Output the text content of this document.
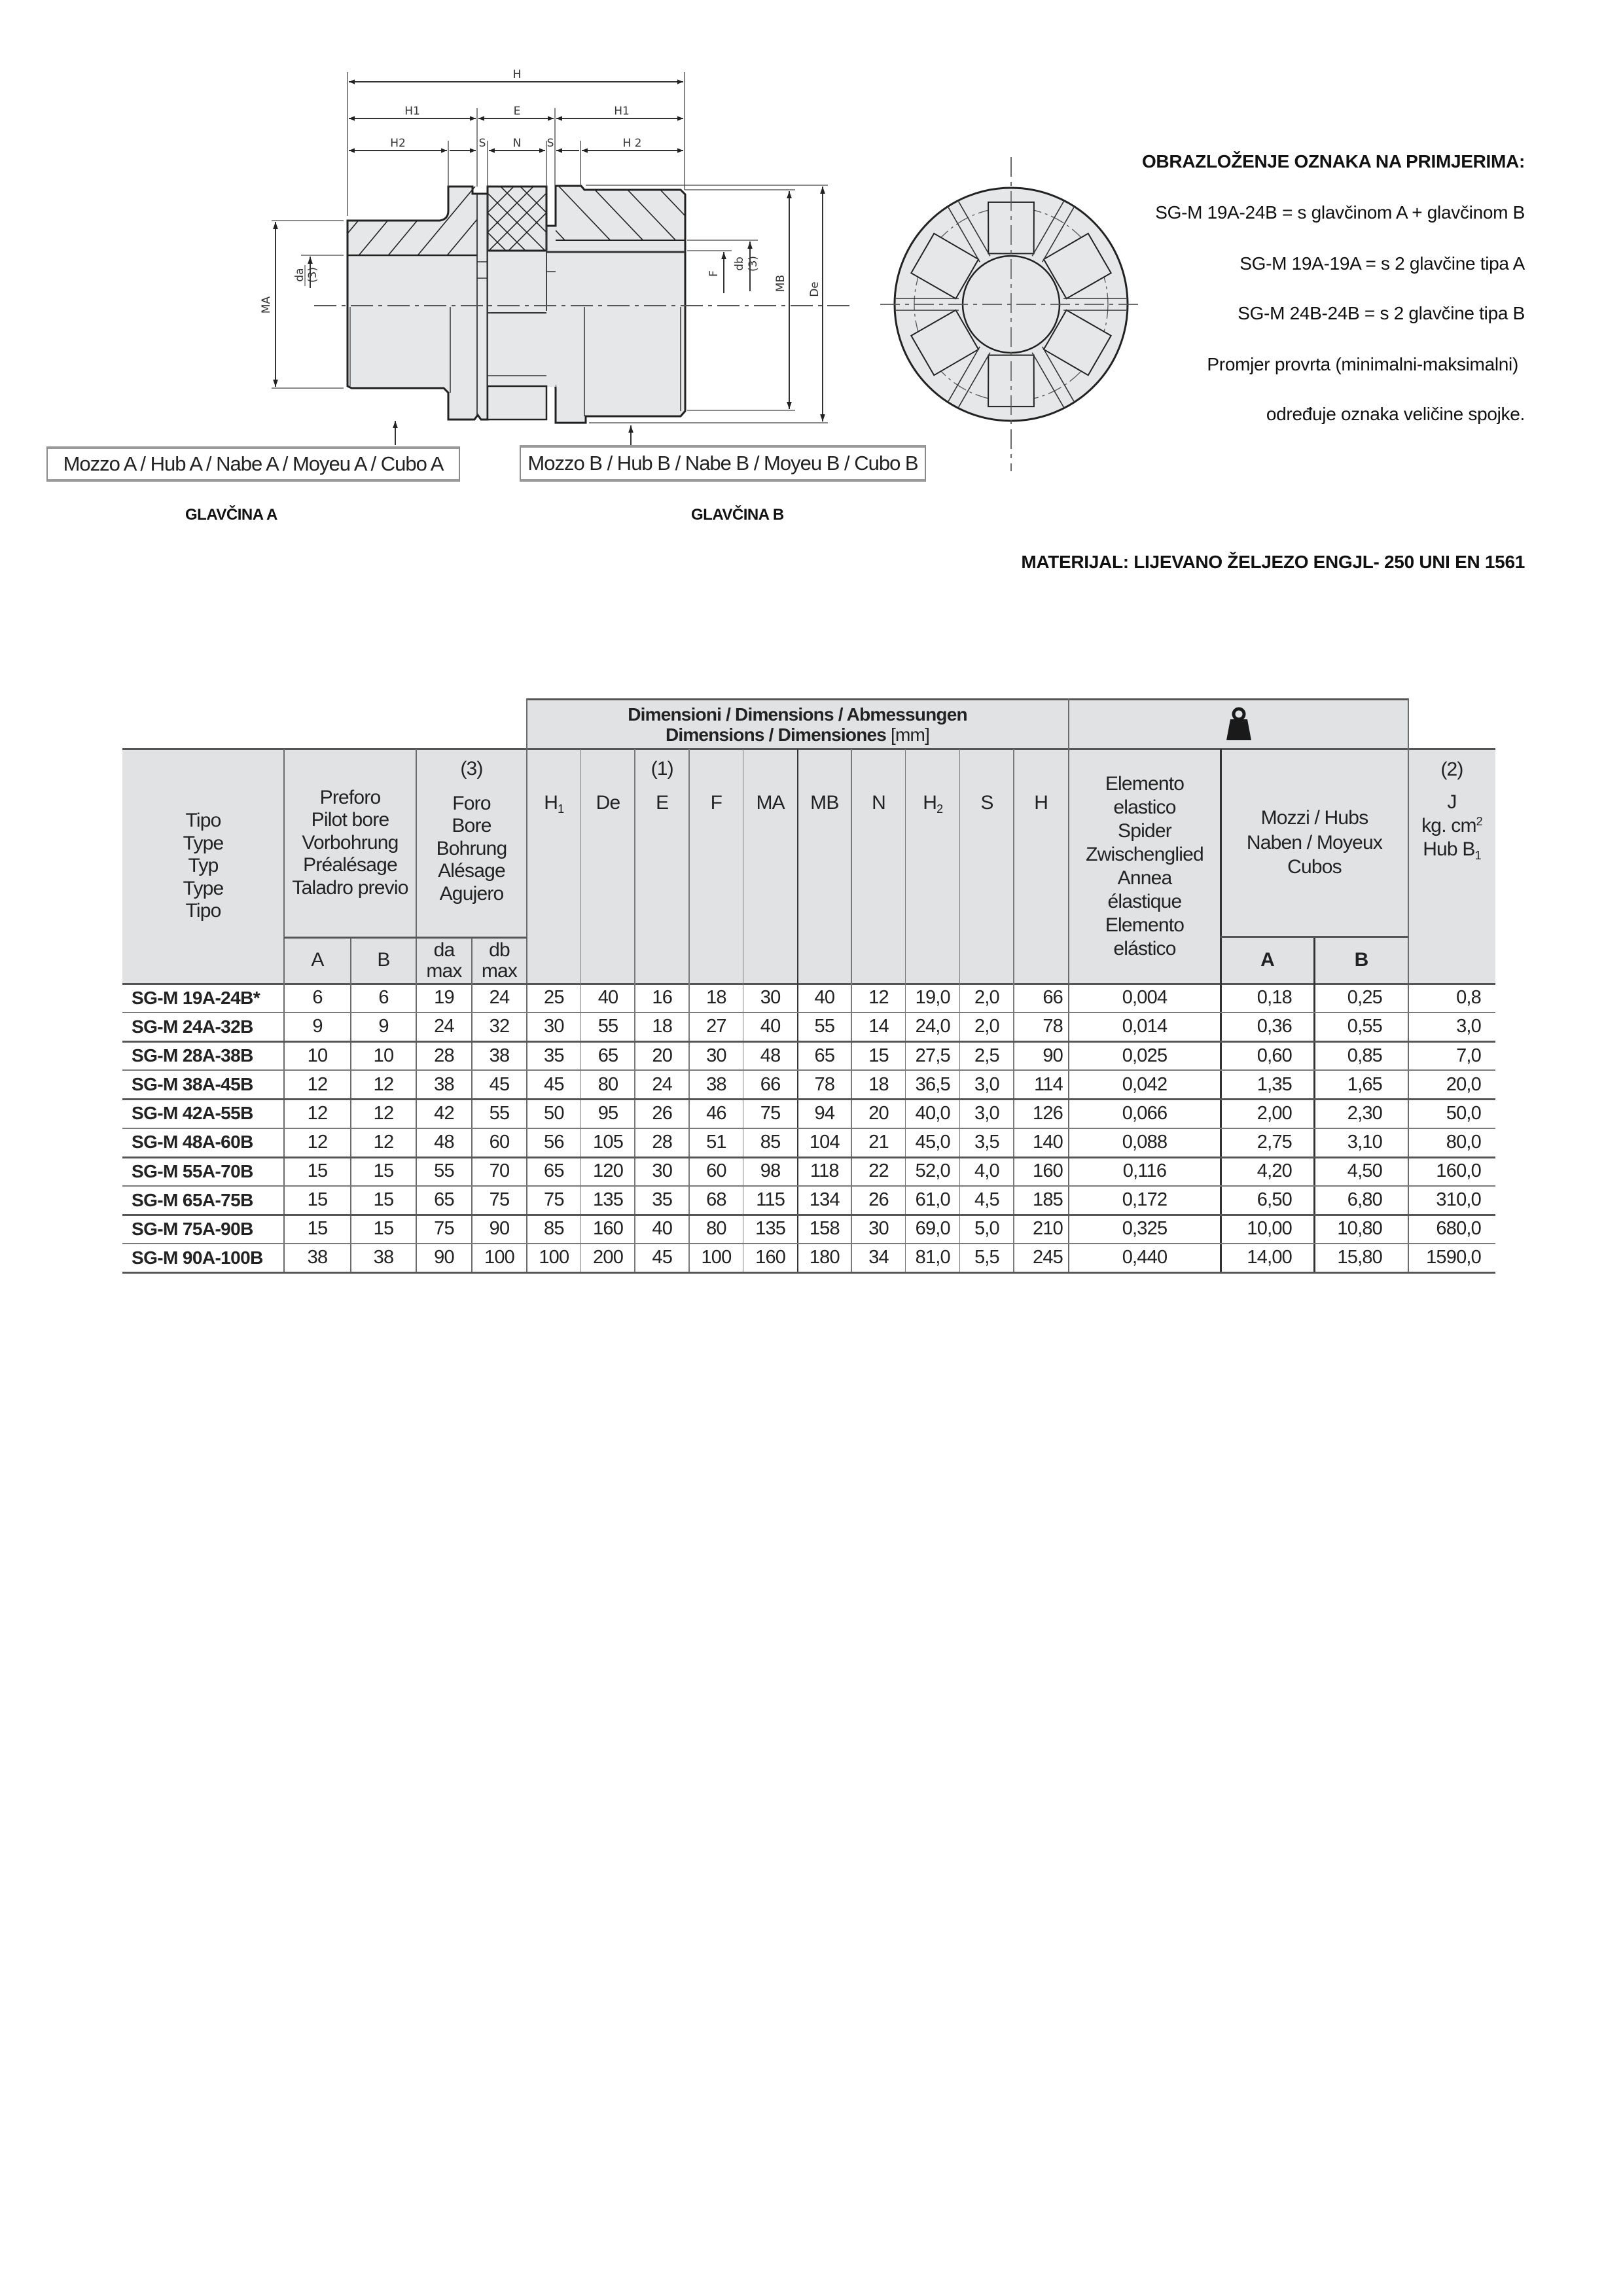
H
H1	E	H1
H2	S N S	H 2
MA
da (3)	F
db (3)
MB De
Mozzo A / Hub A / Nabe A / Moyeu A / Cubo A	Mozzo B / Hub B / Nabe B / Moyeu B / Cubo B
GLAVČINA A	GLAVČINA B
OBRAZLOŽENJE OZNAKA NA PRIMJERIMA:
SG-M 19A-24B = s glavčinom A + glavčinom B
SG-M 19A-19A = s 2 glavčine tipa A
SG-M 24B-24B = s 2 glavčine tipa B
Promjer provrta (minimalni-maksimalni)
određuje oznaka veličine spojke.
MATERIJAL: LIJEVANO ŽELJEZO ENGJL- 250 UNI EN 1561
Dimensioni / Dimensions / Abmessungen
Dimensions / Dimensiones [mm]
Tipo
Type
Typ
Type
Tipo
Preforo
Pilot bore
Vorbohrung
Préalésage
Taladro previo
A	B
(3)
Foro
Bore
Bohrung
Alésage
Agujero
da
max
db
max
$H_1$ De
(1)
E F MA MB N $H_2$ S H
Elemento
elastico
Spider
Zwischenglied
Annea
élastique
Elemento
elástico
Mozzi / Hubs
Naben / Moyeux
Cubos
A	B
(2)
J
kg. $cm^2$
Hub $B_1$
SG-M 19A-24B*	6	6	19	24	25	40	16	18	30	40	12	19,0	2,0	66	0,004	0,18	0,25	0,8
SG-M 24A-32B	9	9	24	32	30	55	18	27	40	55	14	24,0	2,0	78	0,014	0,36	0,55	3,0
SG-M 28A-38B	10	10	28	38	35	65	20	30	48	65	15	27,5	2,5	90	0,025	0,60	0,85	7,0
SG-M 38A-45B	12	12	38	45	45	80	24	38	66	78	18	36,5	3,0	114	0,042	1,35	1,65	20,0
SG-M 42A-55B	12	12	42	55	50	95	26	46	75	94	20	40,0	3,0	126	0,066	2,00	2,30	50,0
SG-M 48A-60B	12	12	48	60	56	105	28	51	85	104	21	45,0	3,5	140	0,088	2,75	3,10	80,0
SG-M 55A-70B	15	15	55	70	65	120	30	60	98	118	22	52,0	4,0	160	0,116	4,20	4,50	160,0
SG-M 65A-75B	15	15	65	75	75	135	35	68	115	134	26	61,0	4,5	185	0,172	6,50	6,80	310,0
SG-M 75A-90B	15	15	75	90	85	160	40	80	135	158	30	69,0	5,0	210	0,325	10,00	10,80	680,0
SG-M 90A-100B	38	38	90	100	100	200	45	100	160	180	34	81,0	5,5	245	0,440	14,00	15,80	1590,0
